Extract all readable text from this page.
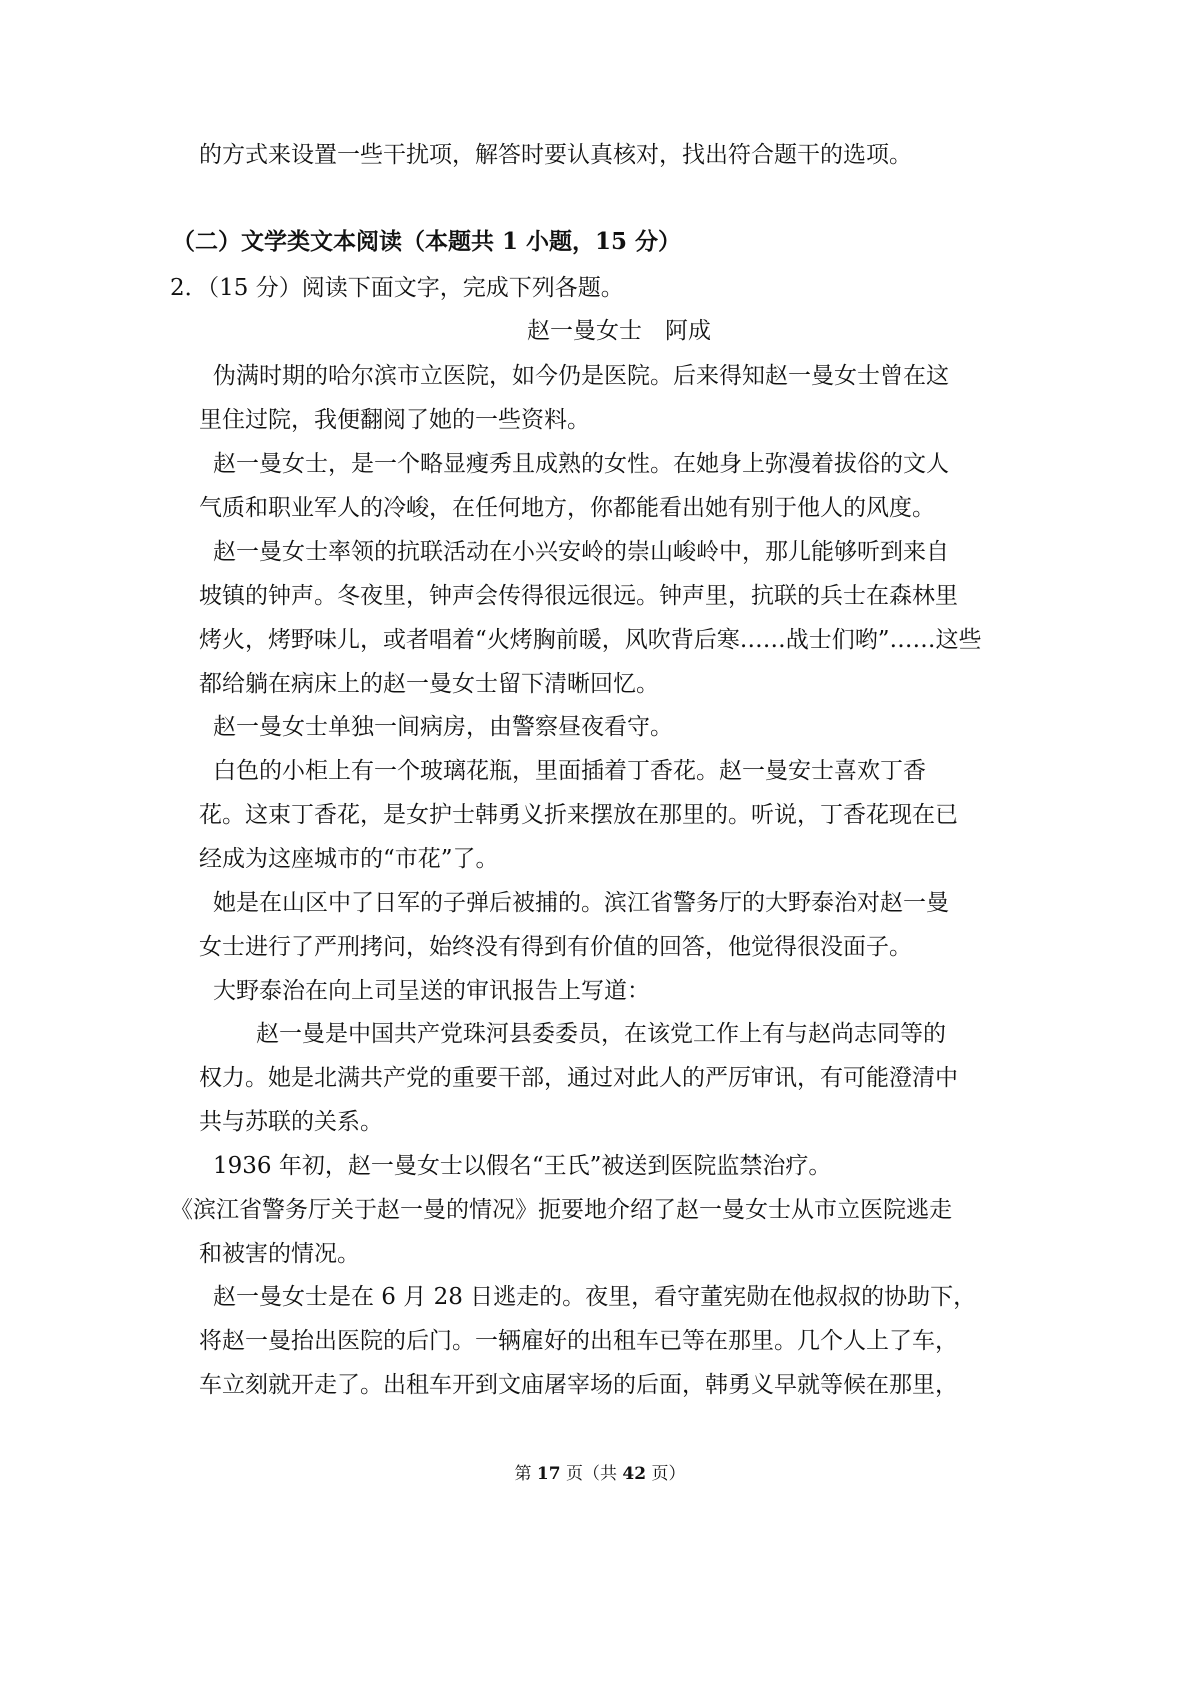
的方式来设置一些干扰项，解答时要认真核对，找出符合题干的选项。
（二）文学类文本阅读（本题共 1 小题，15 分）
2．（15 分）阅读下面文字，完成下列各题。
赵一曼女士　阿成
伪满时期的哈尔滨市立医院，如今仍是医院。后来得知赵一曼女士曾在这
里住过院，我便翻阅了她的一些资料。
赵一曼女士，是一个略显瘦秀且成熟的女性。在她身上弥漫着拔俗的文人
气质和职业军人的冷峻，在任何地方，你都能看出她有别于他人的风度。
赵一曼女士率领的抗联活动在小兴安岭的崇山峻岭中，那儿能够听到来自
坡镇的钟声。冬夜里，钟声会传得很远很远。钟声里，抗联的兵士在森林里
烤火，烤野味儿，或者唱着“火烤胸前暖，风吹背后寒……战士们哟”……这些
都给躺在病床上的赵一曼女士留下清晰回忆。
赵一曼女士单独一间病房，由警察昼夜看守。
白色的小柜上有一个玻璃花瓶，里面插着丁香花。赵一曼安士喜欢丁香
花。这束丁香花，是女护士韩勇义折来摆放在那里的。听说，丁香花现在已
经成为这座城市的“市花”了。
她是在山区中了日军的子弹后被捕的。滨江省警务厅的大野泰治对赵一曼
女士进行了严刑拷问，始终没有得到有价值的回答，他觉得很没面子。
大野泰治在向上司呈送的审讯报告上写道：
赵一曼是中国共产党珠河县委委员，在该党工作上有与赵尚志同等的
权力。她是北满共产党的重要干部，通过对此人的严厉审讯，有可能澄清中
共与苏联的关系。
1936 年初，赵一曼女士以假名“王氏”被送到医院监禁治疗。
《滨江省警务厅关于赵一曼的情况》扼要地介绍了赵一曼女士从市立医院逃走
和被害的情况。
赵一曼女士是在 6 月 28 日逃走的。夜里，看守董宪勋在他叔叔的协助下，
将赵一曼抬出医院的后门。一辆雇好的出租车已等在那里。几个人上了车，
车立刻就开走了。出租车开到文庙屠宰场的后面，韩勇义早就等候在那里，
第 17 页（共 42 页）
